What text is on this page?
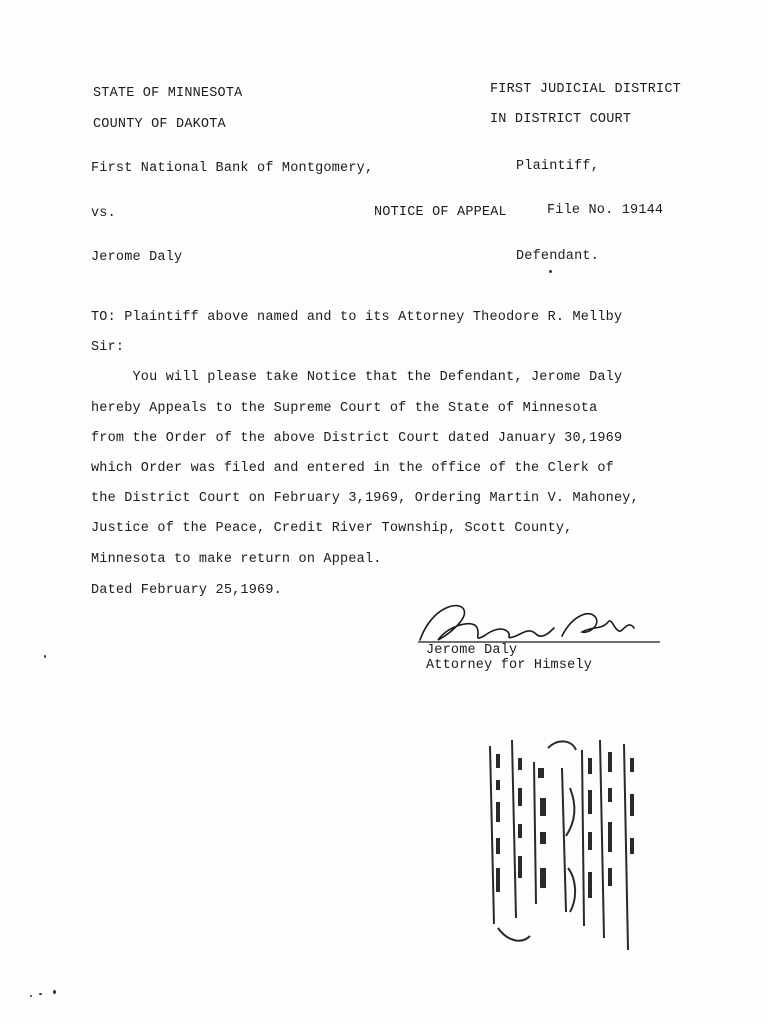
STATE OF MINNESOTA
COUNTY OF DAKOTA
FIRST JUDICIAL DISTRICT
IN DISTRICT COURT
First National Bank of Montgomery,	Plaintiff,
vs.	NOTICE OF APPEAL	File No. 19144
Jerome Daly	Defendant.
TO: Plaintiff above named and to its Attorney Theodore R. Mellby
Sir:
You will please take Notice that the Defendant, Jerome Daly
hereby Appeals to the Supreme Court of the State of Minnesota
from the Order of the above District Court dated January 30,1969
which Order was filed and entered in the office of the Clerk of
the District Court on February 3,1969, Ordering Martin V. Mahoney,
Justice of the Peace, Credit River Township, Scott County,
Minnesota to make return on Appeal.
Dated February 25,1969.
Jerome Daly
Attorney for Himsely
